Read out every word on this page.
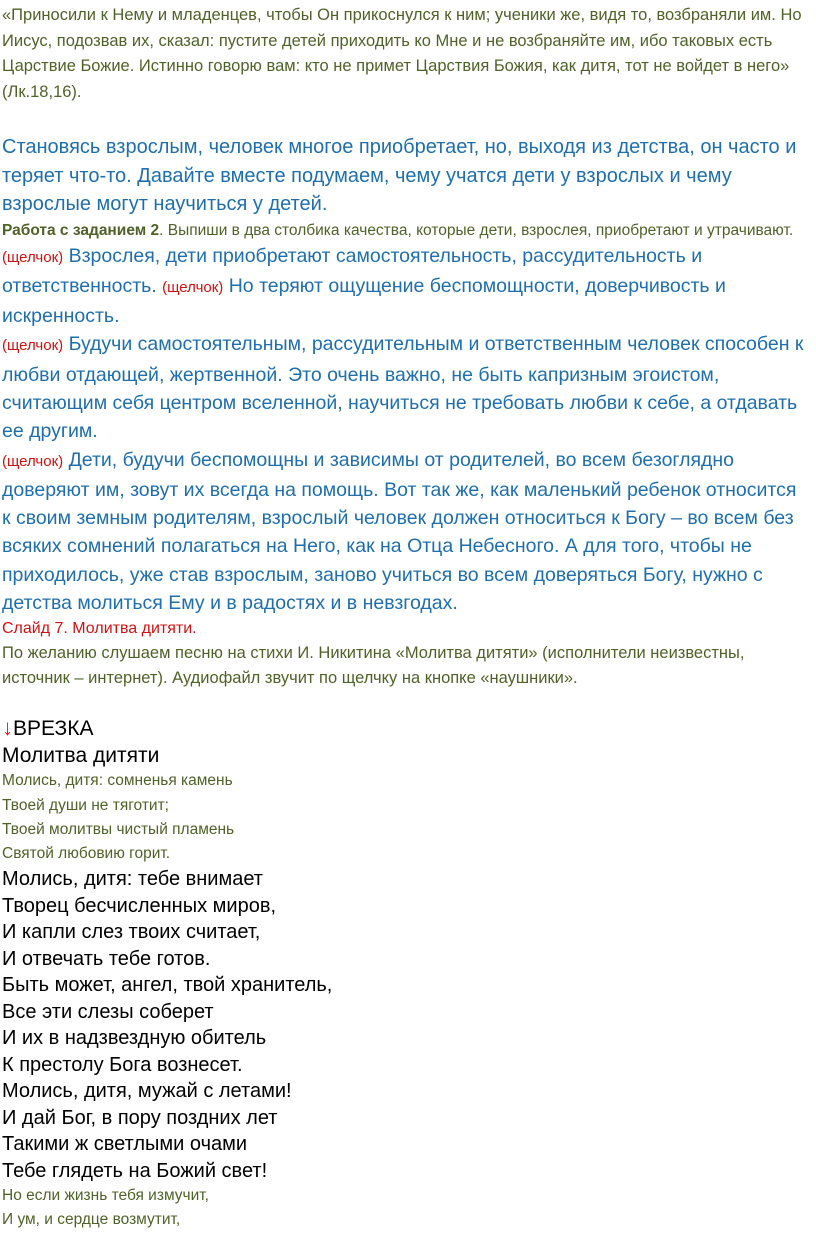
«Приносили к Нему и младенцев, чтобы Он прикоснулся к ним; ученики же, видя то, возбраняли им. Но Иисус, подозвав их, сказал: пустите детей приходить ко Мне и не возбраняйте им, ибо таковых есть Царствие Божие. Истинно говорю вам: кто не примет Царствия Божия, как дитя, тот не войдет в него» (Лк.18,16).
Становясь взрослым, человек многое приобретает, но, выходя из детства, он часто и теряет что-то. Давайте вместе подумаем, чему учатся дети у взрослых и чему взрослые могут научиться у детей.
Работа с заданием 2. Выпиши в два столбика качества, которые дети, взрослея, приобретают и утрачивают.
(щелчок) Взрослея, дети приобретают самостоятельность, рассудительность и ответственность. (щелчок) Но теряют ощущение беспомощности, доверчивость и искренность.
(щелчок) Будучи самостоятельным, рассудительным и ответственным человек способен к любви отдающей, жертвенной. Это очень важно, не быть капризным эгоистом, считающим себя центром вселенной, научиться не требовать любви к себе, а отдавать ее другим.
(щелчок) Дети, будучи беспомощны и зависимы от родителей, во всем безоглядно доверяют им, зовут их всегда на помощь. Вот так же, как маленький ребенок относится к своим земным родителям, взрослый человек должен относиться к Богу – во всем без всяких сомнений полагаться на Него, как на Отца Небесного. А для того, чтобы не приходилось, уже став взрослым, заново учиться во всем доверяться Богу, нужно с детства молиться Ему и в радостях и в невзгодах.
Слайд 7. Молитва дитяти.
По желанию слушаем песню на стихи И. Никитина «Молитва дитяти» (исполнители неизвестны, источник – интернет). Аудиофайл звучит по щелчку на кнопке «наушники».
↓ВРЕЗКА
Молитва дитяти
Молись, дитя: сомненья камень
Твоей души не тяготит;
Твоей молитвы чистый пламень
Святой любовию горит.
Молись, дитя: тебе внимает
Творец бесчисленных миров,
И капли слез твоих считает,
И отвечать тебе готов.
Быть может, ангел, твой хранитель,
Все эти слезы соберет
И их в надзвездную обитель
К престолу Бога вознесет.
Молись, дитя, мужай с летами!
И дай Бог, в пору поздних лет
Такими ж светлыми очами
Тебе глядеть на Божий свет!
Но если жизнь тебя измучит,
И ум, и сердце возмутит,
